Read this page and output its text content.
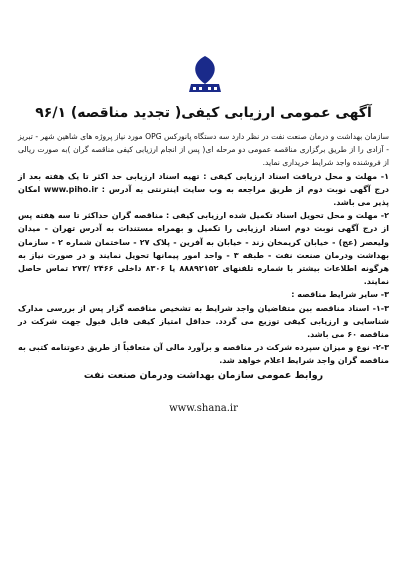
آگهی عمومی ارزیابی کیفی( تجدید مناقصه) ۹۶/۱

سازمان بهداشت و درمان صنعت نفت در نظر دارد سه دستگاه پانورکس OPG مورد نیاز پروژه های شاهین شهر - تبریز - آزادی را از طریق برگزاری مناقصه عمومی دو مرحله ای( پس از انجام ارزیابی کیفی مناقصه گران )به صورت ریالی از فروشنده واجد شرایط خریداری نماید.

۱- مهلت و محل دریافت اسناد ارزیابی کیفی : تهیه اسناد ارزیابی حد اکثر تا یک هفته بعد از درج آگهی نوبت دوم از طریق مراجعه به وب سایت اینترنتی به آدرس : www.piho.ir امکان پذیر می باشد.

۲- مهلت و محل تحویل اسناد تکمیل شده ارزیابی کیفی : مناقصه گران حداکثر تا سه هفته پس از درج آگهی نوبت دوم اسناد ارزیابی را تکمیل و بهمراه مستندات به آدرس تهران - میدان ولیعصر (عج) - خیابان کریمخان زند - خیابان به آفرین - پلاک ۲۷ - ساختمان شماره ۲ - سازمان بهداشت ودرمان صنعت نفت - طبقه ۳ - واحد امور پیمانها تحویل نمایند و در صورت نیاز به هرگونه اطلاعات بیشتر با شماره تلفنهای ۸۸۸۹۲۱۵۲ یا ۸۳۰۶ داخلی ۲۴۶۶ /۲۷۳ تماس حاصل نمایند.

۳- سایر شرایط مناقصه :

۱-۳- اسناد مناقصه بین متقاضیان واجد شرایط به تشخیص مناقصه گزار پس از بررسی مدارک شناسایی و ارزیابی کیفی توزیع می گردد. حداقل امتیاز کیفی قابل قبول جهت شرکت در مناقصه ۶۰ می باشد.

۲-۳- نوع و میزان سپرده شرکت در مناقصه و برآورد مالی آن متعاقباً از طریق دعوتنامه کتبی به مناقصه گران واجد شرایط اعلام خواهد شد.

روابط عمومی سازمان بهداشت ودرمان صنعت نفت
www.shana.ir
